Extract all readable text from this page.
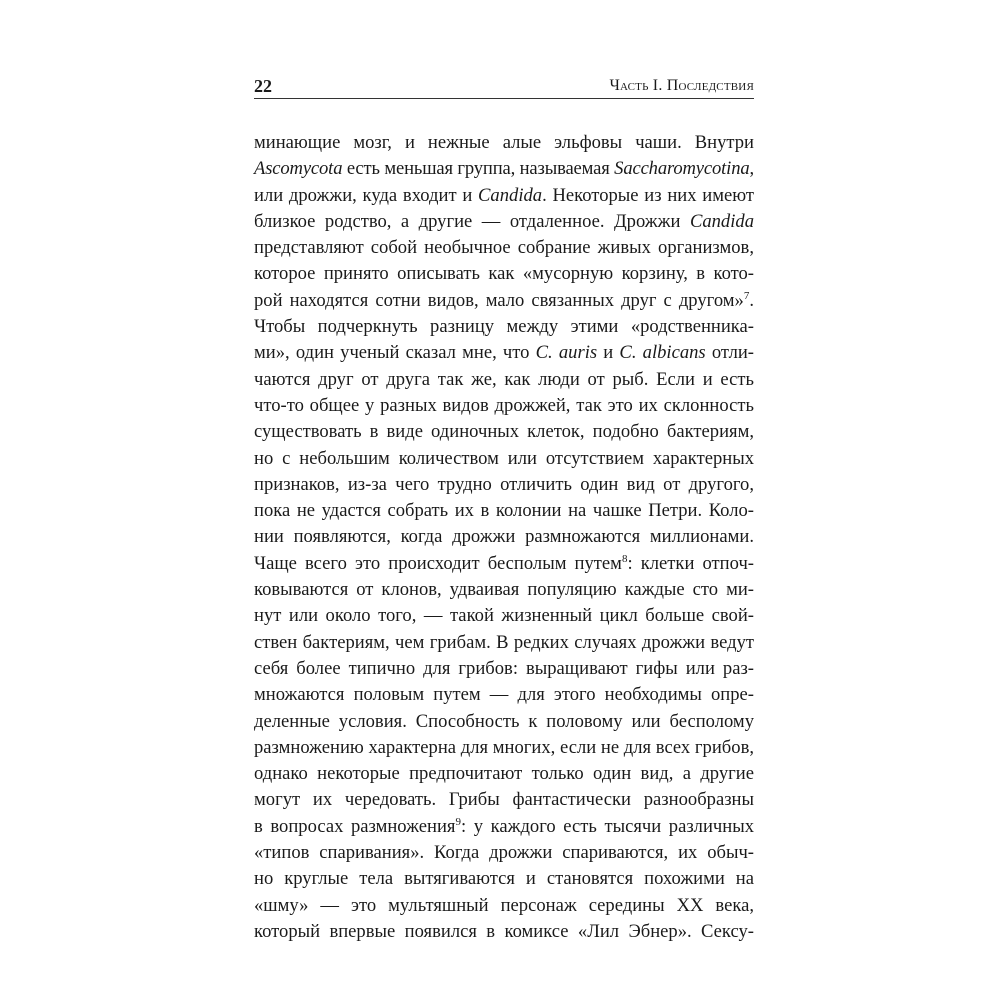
22	Часть I. Последствия
минающие мозг, и нежные алые эльфовы чаши. Внутри
Ascomycota есть меньшая группа, называемая Saccharomycotina,
или дрожжи, куда входит и Candida. Некоторые из них имеют
близкое родство, а другие — отдаленное. Дрожжи Candida
представляют собой необычное собрание живых организмов,
которое принято описывать как «мусорную корзину, в кото-
рой находятся сотни видов, мало связанных друг с другом»$^7$.
Чтобы подчеркнуть разницу между этими «родственника-
ми», один ученый сказал мне, что C. auris и C. albicans отли-
чаются друг от друга так же, как люди от рыб. Если и есть
что-то общее у разных видов дрожжей, так это их склонность
существовать в виде одиночных клеток, подобно бактериям,
но с небольшим количеством или отсутствием характерных
признаков, из-за чего трудно отличить один вид от другого,
пока не удастся собрать их в колонии на чашке Петри. Коло-
нии появляются, когда дрожжи размножаются миллионами.
Чаще всего это происходит бесполым путем$^8$: клетки отпоч-
ковываются от клонов, удваивая популяцию каждые сто ми-
нут или около того, — такой жизненный цикл больше свой-
ствен бактериям, чем грибам. В редких случаях дрожжи ведут
себя более типично для грибов: выращивают гифы или раз-
множаются половым путем — для этого необходимы опре-
деленные условия. Способность к половому или бесполому
размножению характерна для многих, если не для всех грибов,
однако некоторые предпочитают только один вид, а другие
могут их чередовать. Грибы фантастически разнообразны
в вопросах размножения$^9$: у каждого есть тысячи различных
«типов спаривания». Когда дрожжи спариваются, их обыч-
но круглые тела вытягиваются и становятся похожими на
«шму» — это мультяшный персонаж середины XX века,
который впервые появился в комиксе «Лил Эбнер». Сексу-
